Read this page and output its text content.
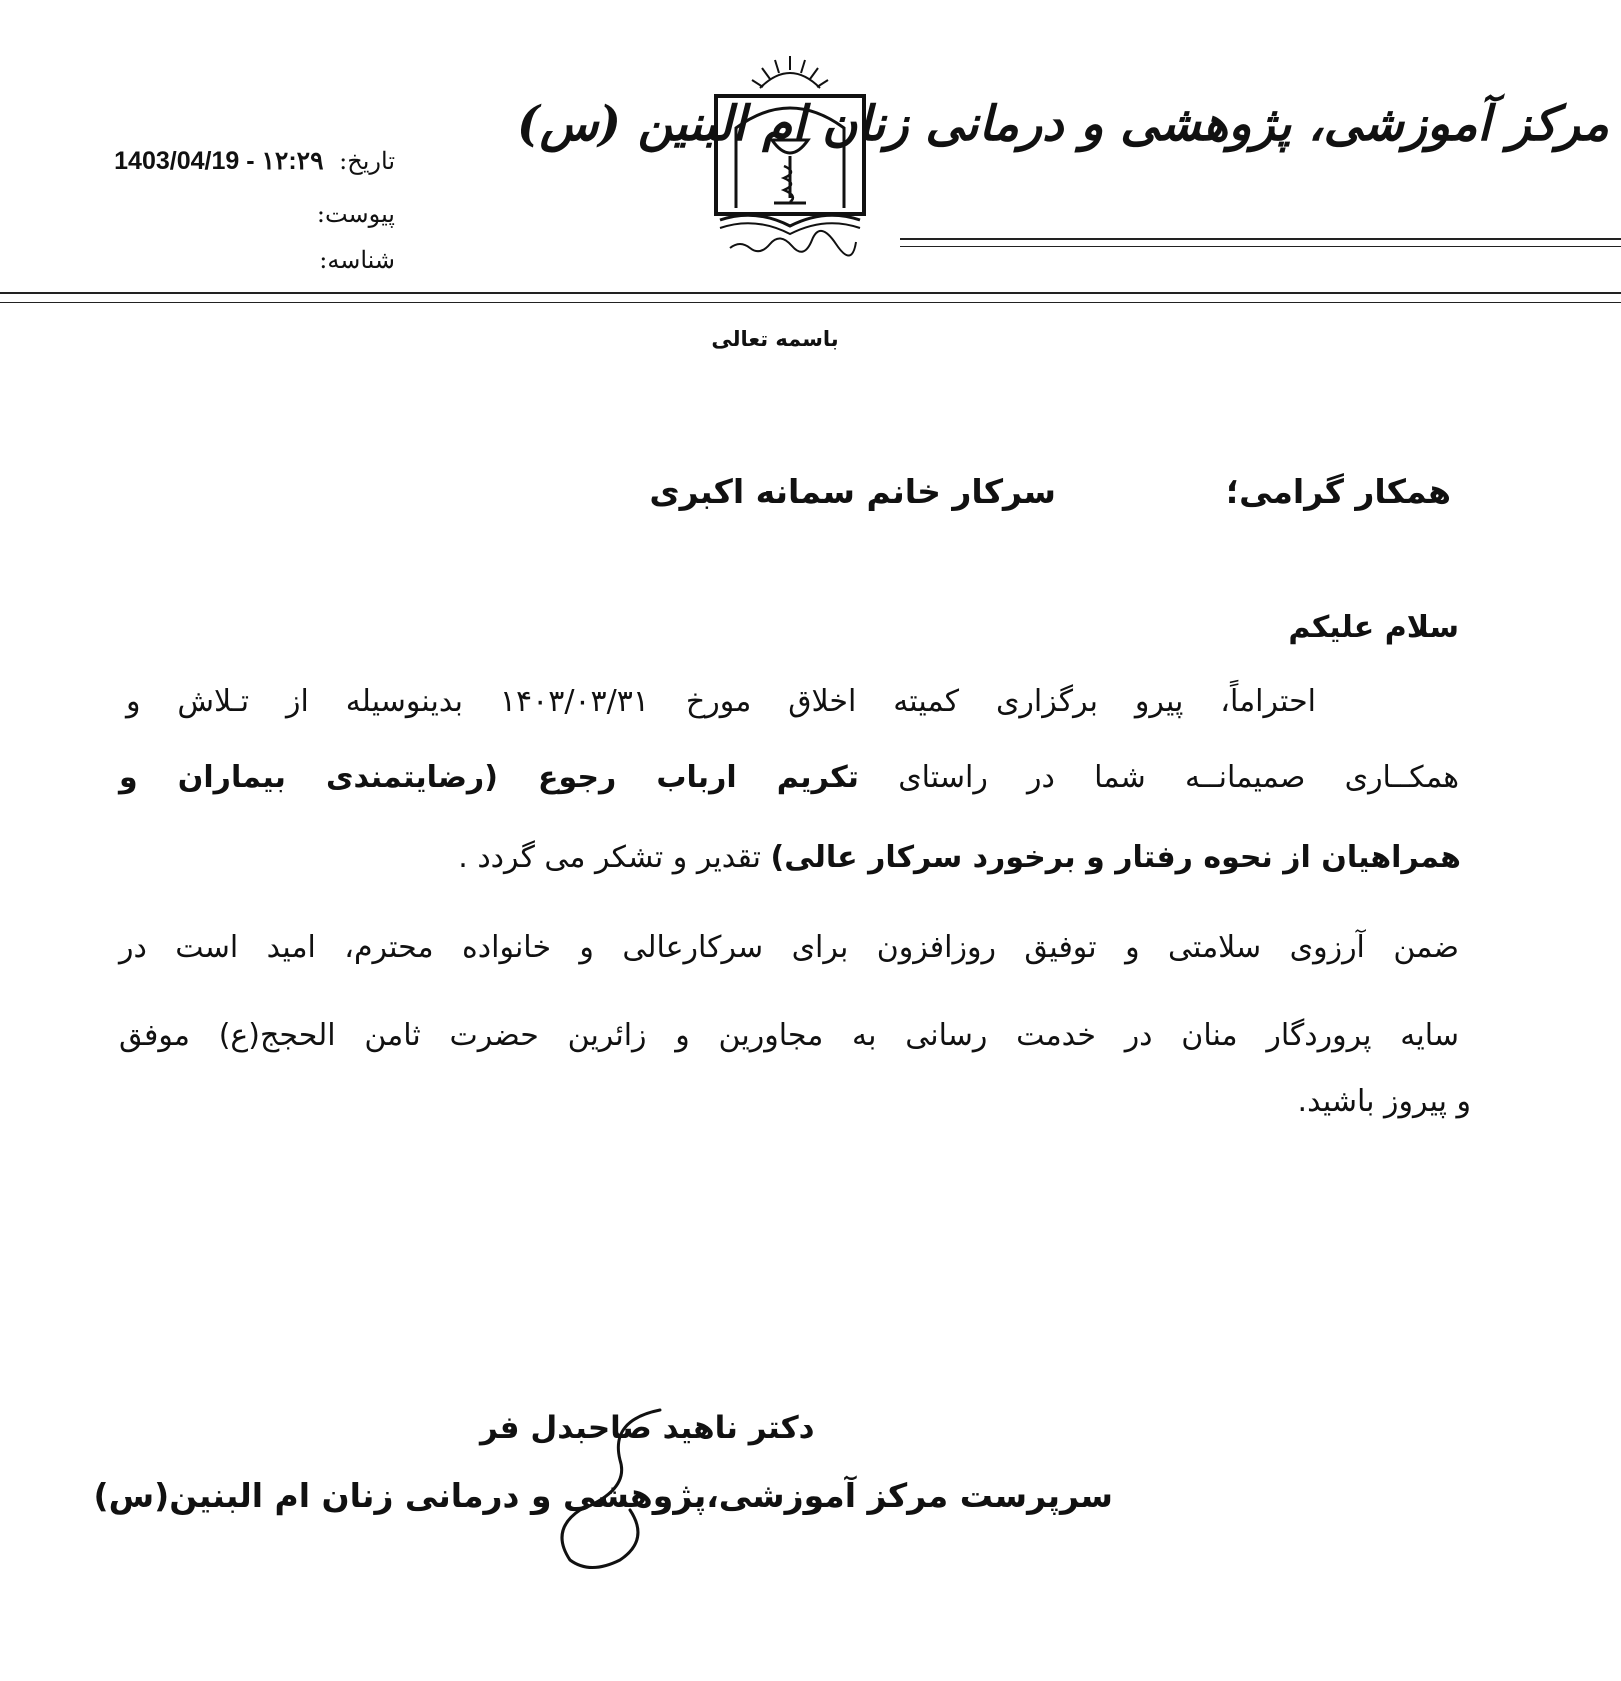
مرکز آموزشی، پژوهشی و درمانی زنان ام البنین (س)
تاریخ: 1403/04/19 - ۱۲:۲۹
پیوست:
شناسه:
باسمه تعالی
همکار گرامی؛
سرکار خانم سمانه اکبری
سلام علیکم
احتراماً، پیرو برگزاری کمیته اخلاق مورخ ۱۴۰۳/۰۳/۳۱ بدینوسیله از تـلاش و
همکــاری صمیمانــه شما در راستای تکریم ارباب رجوع (رضایتمندی بیماران و
همراهیان از نحوه رفتار و برخورد سرکار عالی) تقدیر و تشکر می گردد .
ضمن آرزوی سلامتی و توفیق روزافزون برای سرکارعالی و خانواده محترم، امید است در
سایه پروردگار منان در خدمت رسانی به مجاورین و زائرین حضرت ثامن الحجج(ع) موفق
و پیروز باشید.
دکتر ناهید صاحبدل فر
سرپرست مرکز آموزشی،پژوهشی و درمانی زنان ام البنین(س)
